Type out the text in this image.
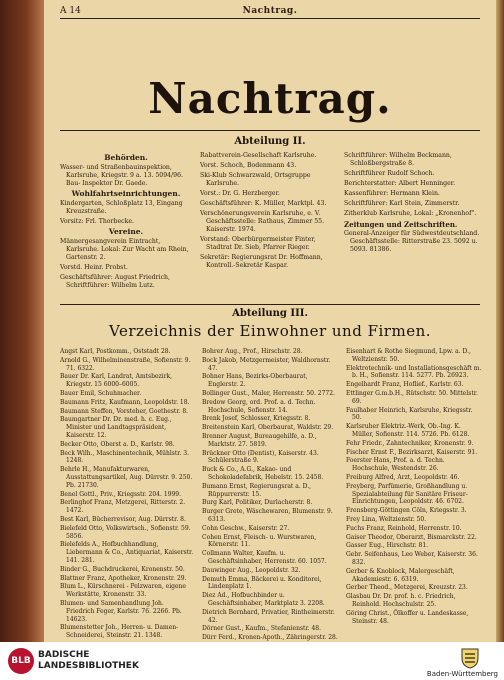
A 14	Nachtrag.
Nachtrag.
Abteilung II.
Behörden.
Wasser- und Straßenbauinspektion, Karlsruhe, Kriegstr. 9 a. 13. 5094/96. Bau- Inspektor Dr. Gaede.
Wohlfahrtseinrichtungen.
Kindergarten, Schloßplatz 13, Eingang Kreuzstraße.
Vorsitz: Frl. Thorbecke.
Vereine.
Männergesangverein Eintracht, Karlsruhe. Lokal: Zur Wacht am Rhein, Gartenstr. 2.
Vorstd. Heinr. Probst.
Geschäftsführer: August Friedrich, Schriftführer: Wilhelm Lutz.
Rabattverein-Gesellschaft Karlsruhe.
Vorst. Schoch, Bodenmann 43.
Ski-Klub Schwarzwald, Ortsgruppe Karlsruhe.
Vorst.: Dr. G. Herzberger.
Geschäftsführer: K. Müller, Marktpl. 43.
Verschönerungsverein Karlsruhe, e. V. Geschäftsstelle: Rathaus, Zimmer 55. Kaiserstr. 1974.
Vorstand: Oberbürgermeister Finter, Stadtrat Dr. Sieb, Pfarrer Rieger.
Sekretär: Regierungsrat Dr. Hoffmann, Kontroll.-Sekretär Kaspar.
Schriftführer: Wilhelm Beckmann, Schloßbergstraße 8.
Schriftführer Rudolf Schoch.
Berichterstatter: Albert Henninger.
Kassenführer: Hermann Klein.
Schriftführer: Karl Stein, Zimmerstr.
Zitherklub Karlsruhe, Lokal: „Kronenhof".
Zeitungen und Zeitschriften.
General-Anzeiger für Südwestdeutschland. Geschäftsstelle: Ritterstraße 23. 5092 u. 5093. 81386.
Abteilung III.
Verzeichnis der Einwohner und Firmen.
Angst Karl, Postkomm., Oststadt 28.
Arnold G., Wilhelminenstraße, Sofienstr. 9. 71. 6322.
Bauer Dr. Karl, Landrat, Amtsbezirk, Kriegstr. 15 6000–6005.
Bauer Emil, Schuhmacher.
Baumann Fritz, Kaufmann, Leopoldstr. 18.
Baumann Steffen, Vorsteher, Goethestr. 8.
Baumgartner Dr. Dr. med. h. c. Eug., Minister und Landtagspräsident, Kaiserstr. 12.
Becker Otto, Oberst a. D., Karlstr. 98.
Beck Wilh., Maschinentechnik, Mühlstr. 3. 1248.
Behrle H., Manufakturwaren, Ausstattungsartikel, Aug. Dürrstr. 9. 250. Pb. 21730.
Benel Gottl., Priv., Kriegsstr. 204. 1999.
Berlinghof Franz, Metzgerei, Ritterstr. 2. 1472.
Best Karl, Bücherrevisor, Aug. Dürrstr. 8.
Bielefeld Otto, Volkswirtsch., Sofienstr. 59. 5856.
Bielefelds A., Hofbuchhandlung, Liebermann & Co., Antiquariat, Kaiserstr. 141. 281.
Binder G., Buchdruckerei, Kronenstr. 50.
Blattner Franz, Apotheker, Kronenstr. 29.
Blum L., Kürschnerei - Pelzwaren, eigene Werkstätte, Kronenstr. 33.
Blumen- und Samenhandlung Joh. Friedrich Feger, Karlstr. 76. 2266. Pb. 14623.
Blumenstetter Joh., Herren- u. Damen-Schneiderei, Steinstr. 21. 1348.
Bohrer Aug., Prof., Hirschstr. 28.
Bock Jakob, Metzgermeister, Waldhornstr. 47.
Bohner Hans, Bezirks-Oberbaurat, Englerstr. 2.
Bollinger Gust., Maler, Herrenstr. 50. 2772.
Bredow Georg, ord. Prof. a. d. Techn. Hochschule, Sofienstr. 14.
Brenk Josef, Schlosser, Kriegsstr. 8.
Breitenstein Karl, Oberbaurat, Waldstr. 29.
Brenner August, Bureaugehilfe, a. D., Marktstr. 27. 5819.
Brückner Otto (Dentist), Kaiserstr. 43. Schülerstraße 9.
Buck & Co., A.G., Kakao- und Schokoladefabrik, Hebelstr. 15. 2458.
Bumann Ernst, Regierungsrat a. D., Rüppurrerstr. 15.
Burg Karl, Politiker, Durlacherstr. 8.
Burger Grete, Wäschewaren, Blumenstr. 9. 6313.
Cohn Geschw., Kaiserstr. 27.
Cohen Ernst, Fleisch- u. Wurstwaren, Körnerstr. 11.
Collmann Walter, Kaufm. u. Geschäftsinhaber, Herrenstr. 60. 1057.
Dauwinger Aug., Leopoldstr. 32.
Demuth Emma, Bäckerei u. Konditorei, Lindenplatz 1.
Diez Ad., Hofbuchbinder u. Geschäftsinhaber, Marktplatz 3. 2208.
Dietrich Bernhard, Privatier, Rintheimerstr. 42.
Dörner Gust., Kaufm., Stefanienstr. 48.
Dürr Ferd., Kronen-Apoth., Zähringerstr. 28.
Eisenhart & Rothe Siegmund, Lpw. a. D., Weltzienstr. 50.
Elektrotechnik- und Installationsgeschäft m. b. H., Sofienstr. 114. 5277. Pb. 26923.
Engelhardt Franz, Hoflief., Karlstr. 63.
Ettlinger G.m.b.H., Rütschstr. 50. Mittelstr. 69.
Faulhaber Heinrich, Karlsruhe, Kriegsstr. 50.
Karlsruher Elektriz.-Werk, Ob.-Ing. K. Müller, Sofienstr. 114. 5726. Pb. 6128.
Fehr Friedr., Zahntechniker, Kronenstr. 9.
Fischer Ernst F., Bezirksarzt, Kaiserstr. 91.
Foerster Hans, Prof. a. d. Techn. Hochschule, Westendstr. 26.
Freiburg Alfred, Arzt, Leopoldstr. 46.
Freyberg, Parfümerie, Großhandlung u. Spezialabteilung für Sanitäre Friseur-Einrichtungen, Leopoldstr. 46. 6702.
Frensberg-Göttingen Cöln, Kriegsstr. 3.
Frey Lina, Weltzienstr. 50.
Fuchs Franz, Reinhold, Herrenstr. 10.
Gaiser Theodor, Oberarzt, Bismarckstr. 22.
Gasser Eug., Hirschstr. 81.
Gebr. Seifenhaus, Leo Weber, Kaiserstr. 36. 832.
Gerber & Knoblock, Malergeschäft, Akademiestr. 6. 6319.
Gerber Theod., Metzgerei, Kreuzstr. 23.
Glasbau Dr. Dr. prof. h. c. Friedrich, Reinhold. Hochschulstr. 25.
Göring Christ., Ölkoffer u. Landeskasse, Steinstr. 48.
BLB
BADISCHE
LANDESBIBLIOTHEK
Baden-Württemberg
